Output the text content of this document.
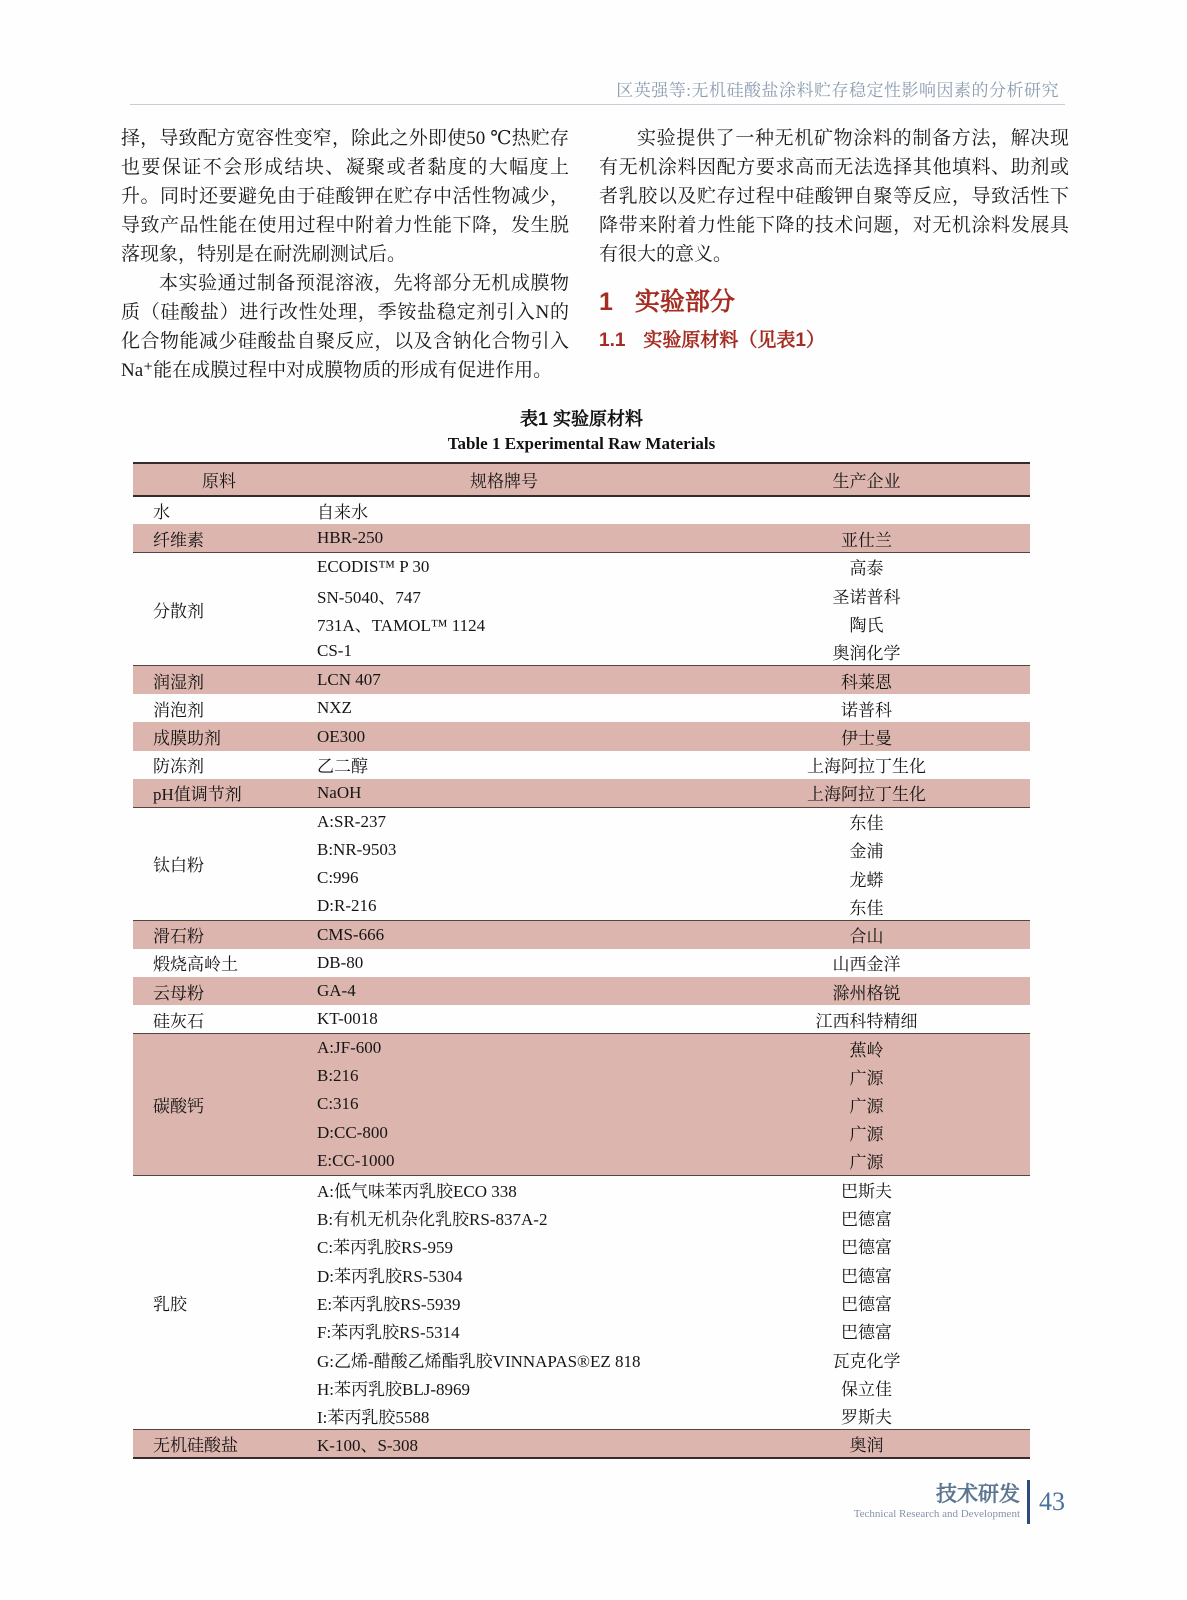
区英强等:无机硅酸盐涂料贮存稳定性影响因素的分析研究

择，导致配方宽容性变窄，除此之外即使50 ℃热贮存也要保证不会形成结块、凝聚或者黏度的大幅度上升。同时还要避免由于硅酸钾在贮存中活性物减少，导致产品性能在使用过程中附着力性能下降，发生脱落现象，特别是在耐洗刷测试后。

本实验通过制备预混溶液，先将部分无机成膜物质（硅酸盐）进行改性处理，季铵盐稳定剂引入N的化合物能减少硅酸盐自聚反应，以及含钠化合物引入Na⁺能在成膜过程中对成膜物质的形成有促进作用。

实验提供了一种无机矿物涂料的制备方法，解决现有无机涂料因配方要求高而无法选择其他填料、助剂或者乳胶以及贮存过程中硅酸钾自聚等反应，导致活性下降带来附着力性能下降的技术问题，对无机涂料发展具有很大的意义。

1 实验部分
1.1 实验原材料（见表1）
表1 实验原材料
Table 1 Experimental Raw Materials
原料	规格牌号	生产企业
水	自来水	
纤维素	HBR-250	亚仕兰
分散剂	ECODIS™ P 30	高泰
	SN-5040、747	圣诺普科
	731A、TAMOL™ 1124	陶氏
	CS-1	奥润化学
润湿剂	LCN 407	科莱恩
消泡剂	NXZ	诺普科
成膜助剂	OE300	伊士曼
防冻剂	乙二醇	上海阿拉丁生化
pH值调节剂	NaOH	上海阿拉丁生化
钛白粉	A:SR-237	东佳
	B:NR-9503	金浦
	C:996	龙蟒
	D:R-216	东佳
滑石粉	CMS-666	合山
煅烧高岭土	DB-80	山西金洋
云母粉	GA-4	滁州格锐
硅灰石	KT-0018	江西科特精细
碳酸钙	A:JF-600	蕉岭
	B:216	广源
	C:316	广源
	D:CC-800	广源
	E:CC-1000	广源
乳胶	A:低气味苯丙乳胶ECO 338	巴斯夫
	B:有机无机杂化乳胶RS-837A-2	巴德富
	C:苯丙乳胶RS-959	巴德富
	D:苯丙乳胶RS-5304	巴德富
	E:苯丙乳胶RS-5939	巴德富
	F:苯丙乳胶RS-5314	巴德富
	G:乙烯-醋酸乙烯酯乳胶VINNAPAS®EZ 818	瓦克化学
	H:苯丙乳胶BLJ-8969	保立佳
	I:苯丙乳胶5588	罗斯夫
无机硅酸盐	K-100、S-308	奥润
技术研发
Technical Research and Development 43
